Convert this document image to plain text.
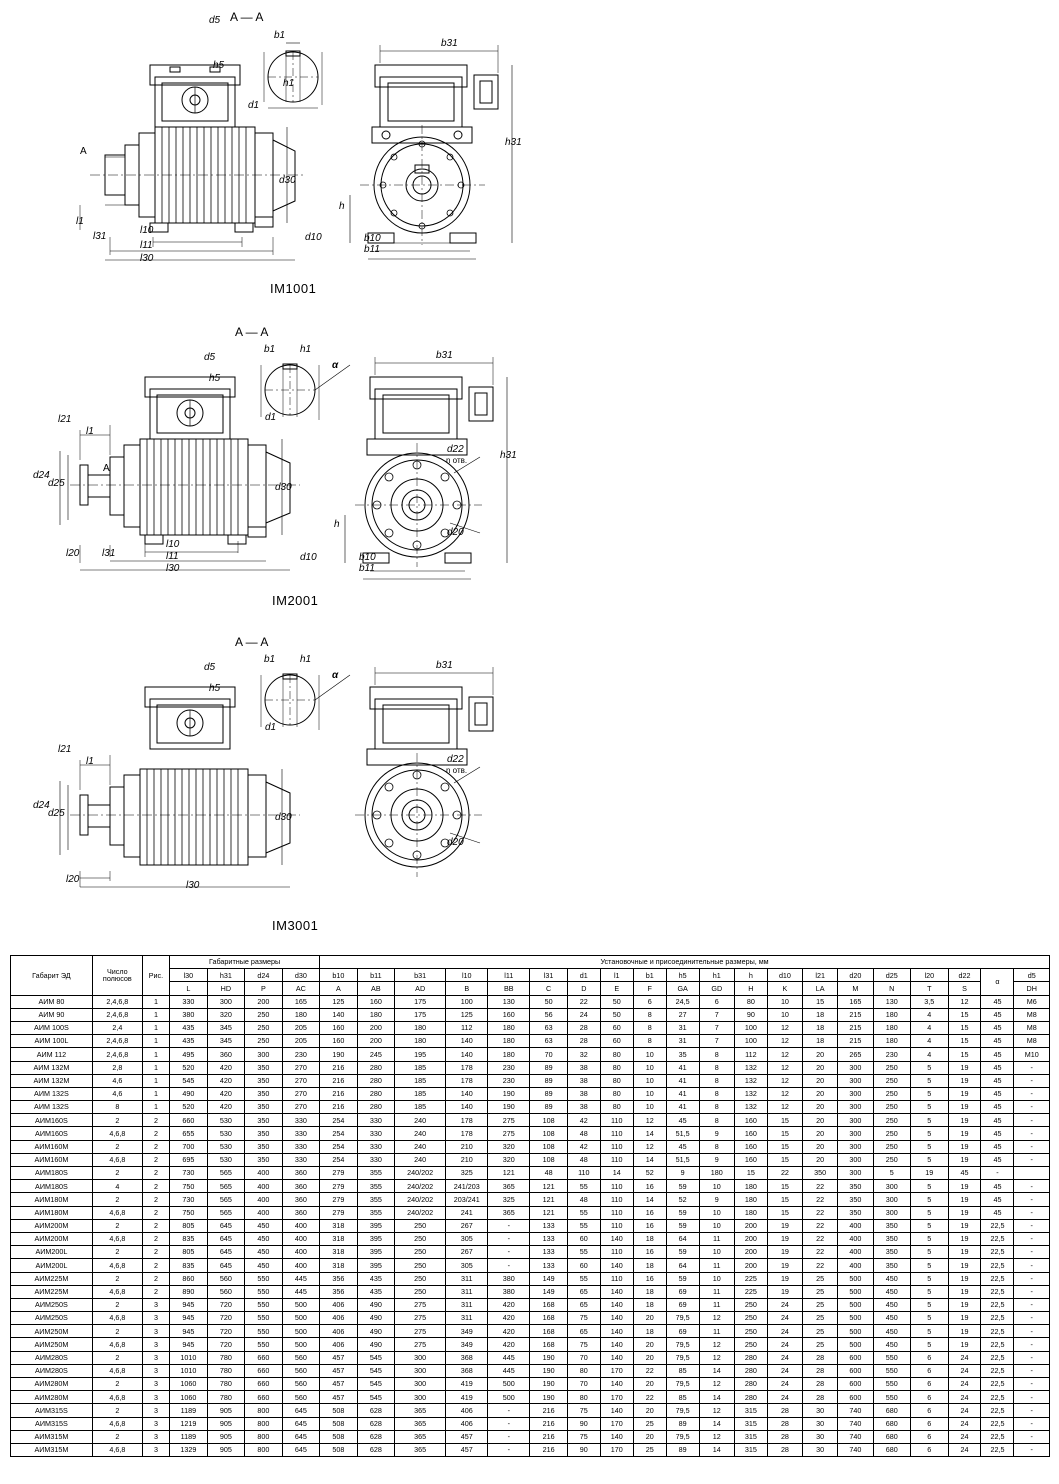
d5
b1
h5
h1
d1
b31
h31
d30
h
d10	b10
b11
A
l1
l31
l10
l11
l30
A — A
IM1001
d5
b1 h1
h5
d1
b31
h31
α
d22
n отв.
d30
d20
h
d10	b10
b11
l21
l1
d24
d25
A
l20 l31
l10
l11
l30
A — A
IM2001
d5
b1 h1
h5
d1
b31
α
d22
n отв.
d30
d20
l21
l1
d24
d25
l20
l30
A — A
IM3001
Габарит ЭД	Число полюсов	Рис.	Габаритные размеры				Установочные и присоединительные размеры, мм																			
			l30	h31	d24	d30	b10	b11	b31	l10	l11	l31	d1	l1	b1	h5	h1	h	d10	l21	d20	d25	l20	d22	α	d5
			L	HD	P	AC	A	AB	AD	B	BB	C	D	E	F	GA	GD	H	K	LA	M	N	T	S		DH
АИМ 80	2,4,6,8	1	330	300	200	165	125	160	175	100	130	50	22	50	6	24,5	6	80	10	15	165	130	3,5	12	45	M6
АИМ 90	2,4,6,8	1	380	320	250	180	140	180	175	125	160	56	24	50	8	27	7	90	10	18	215	180	4	15	45	M8
АИМ 100S	2,4	1	435	345	250	205	160	200	180	112	180	63	28	60	8	31	7	100	12	18	215	180	4	15	45	M8
АИМ 100L	2,4,6,8	1	435	345	250	205	160	200	180	140	180	63	28	60	8	31	7	100	12	18	215	180	4	15	45	M8
АИМ 112	2,4,6,8	1	495	360	300	230	190	245	195	140	180	70	32	80	10	35	8	112	12	20	265	230	4	15	45	M10
АИМ 132M	2,8	1	520	420	350	270	216	280	185	178	230	89	38	80	10	41	8	132	12	20	300	250	5	19	45	-
АИМ 132M	4,6	1	545	420	350	270	216	280	185	178	230	89	38	80	10	41	8	132	12	20	300	250	5	19	45	-
АИМ 132S	4,6	1	490	420	350	270	216	280	185	140	190	89	38	80	10	41	8	132	12	20	300	250	5	19	45	-
АИМ 132S	8	1	520	420	350	270	216	280	185	140	190	89	38	80	10	41	8	132	12	20	300	250	5	19	45	-
АИМ160S	2	2	660	530	350	330	254	330	240	178	275	108	42	110	12	45	8	160	15	20	300	250	5	19	45	-
АИМ160S	4,6,8	2	655	530	350	330	254	330	240	178	275	108	48	110	14	51,5	9	160	15	20	300	250	5	19	45	-
АИМ160M	2	2	700	530	350	330	254	330	240	210	320	108	42	110	12	45	8	160	15	20	300	250	5	19	45	-
АИМ160M	4,6,8	2	695	530	350	330	254	330	240	210	320	108	48	110	14	51,5	9	160	15	20	300	250	5	19	45	-
АИМ180S	2	2	730	565	400	360	279	355	240/202	325	121	48	110	14	52	9	180	15	22	350	300	5	19	45	-	
АИМ180S	4	2	750	565	400	360	279	355	240/202	241/203	365	121	55	110	16	59	10	180	15	22	350	300	5	19	45	-
АИМ180M	2	2	730	565	400	360	279	355	240/202	203/241	325	121	48	110	14	52	9	180	15	22	350	300	5	19	45	-
АИМ180M	4,6,8	2	750	565	400	360	279	355	240/202	241	365	121	55	110	16	59	10	180	15	22	350	300	5	19	45	-
АИМ200M	2	2	805	645	450	400	318	395	250	267	-	133	55	110	16	59	10	200	19	22	400	350	5	19	22,5	-
АИМ200M	4,6,8	2	835	645	450	400	318	395	250	305	-	133	60	140	18	64	11	200	19	22	400	350	5	19	22,5	-
АИМ200L	2	2	805	645	450	400	318	395	250	267	-	133	55	110	16	59	10	200	19	22	400	350	5	19	22,5	-
АИМ200L	4,6,8	2	835	645	450	400	318	395	250	305	-	133	60	140	18	64	11	200	19	22	400	350	5	19	22,5	-
АИМ225M	2	2	860	560	550	445	356	435	250	311	380	149	55	110	16	59	10	225	19	25	500	450	5	19	22,5	-
АИМ225M	4,6,8	2	890	560	550	445	356	435	250	311	380	149	65	140	18	69	11	225	19	25	500	450	5	19	22,5	-
АИМ250S	2	3	945	720	550	500	406	490	275	311	420	168	65	140	18	69	11	250	24	25	500	450	5	19	22,5	-
АИМ250S	4,6,8	3	945	720	550	500	406	490	275	311	420	168	75	140	20	79,5	12	250	24	25	500	450	5	19	22,5	-
АИМ250M	2	3	945	720	550	500	406	490	275	349	420	168	65	140	18	69	11	250	24	25	500	450	5	19	22,5	-
АИМ250M	4,6,8	3	945	720	550	500	406	490	275	349	420	168	75	140	20	79,5	12	250	24	25	500	450	5	19	22,5	-
АИМ280S	2	3	1010	780	660	560	457	545	300	368	445	190	70	140	20	79,5	12	280	24	28	600	550	6	24	22,5	-
АИМ280S	4,6,8	3	1010	780	660	560	457	545	300	368	445	190	80	170	22	85	14	280	24	28	600	550	6	24	22,5	-
АИМ280M	2	3	1060	780	660	560	457	545	300	419	500	190	70	140	20	79,5	12	280	24	28	600	550	6	24	22,5	-
АИМ280M	4,6,8	3	1060	780	660	560	457	545	300	419	500	190	80	170	22	85	14	280	24	28	600	550	6	24	22,5	-
АИМ315S	2	3	1189	905	800	645	508	628	365	406	-	216	75	140	20	79,5	12	315	28	30	740	680	6	24	22,5	-
АИМ315S	4,6,8	3	1219	905	800	645	508	628	365	406	-	216	90	170	25	89	14	315	28	30	740	680	6	24	22,5	-
АИМ315M	2	3	1189	905	800	645	508	628	365	457	-	216	75	140	20	79,5	12	315	28	30	740	680	6	24	22,5	-
АИМ315M	4,6,8	3	1329	905	800	645	508	628	365	457	-	216	90	170	25	89	14	315	28	30	740	680	6	24	22,5	-
